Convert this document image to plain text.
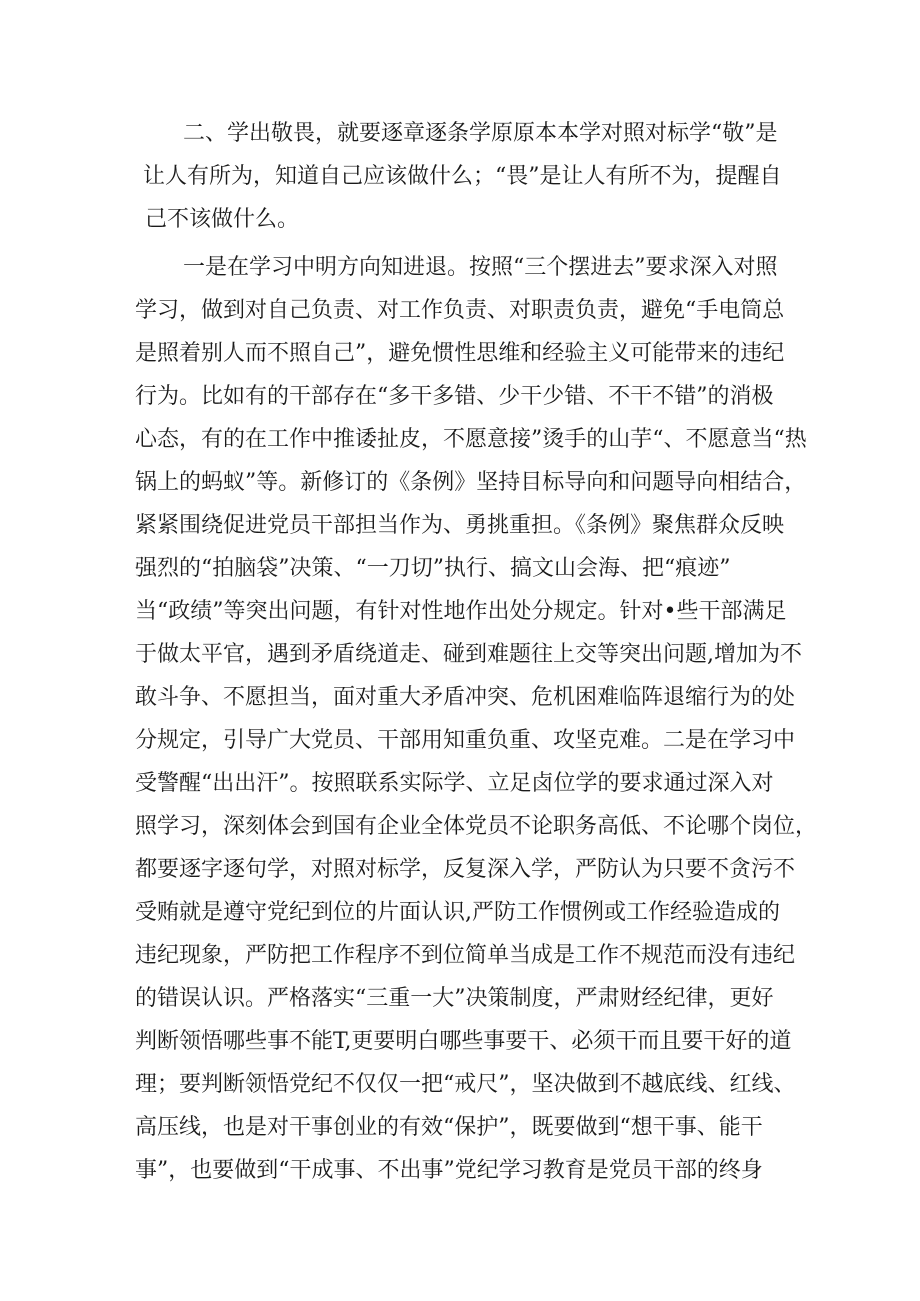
二、学出敬畏，就要逐章逐条学原原本本学对照对标学“敬”是
让人有所为，知道自己应该做什么；“畏”是让人有所不为，提醒自
己不该做什么。
一是在学习中明方向知进退。按照“三个摆进去”要求深入对照
学习，做到对自己负责、对工作负责、对职责负责，避免“手电筒总
是照着别人而不照自己”，避免惯性思维和经验主义可能带来的违纪
行为。比如有的干部存在“多干多错、少干少错、不干不错”的消极
心态，有的在工作中推诿扯皮，不愿意接”烫手的山芋“、不愿意当“热
锅上的蚂蚁”等。新修订的《条例》坚持目标导向和问题导向相结合，
紧紧围绕促进党员干部担当作为、勇挑重担。《条例》聚焦群众反映
强烈的“拍脑袋”决策、“一刀切”执行、搞文山会海、把“痕迹”
当“政绩”等突出问题，有针对性地作出处分规定。针对•些干部满足
于做太平官，遇到矛盾绕道走、碰到难题往上交等突出问题,增加为不
敢斗争、不愿担当，面对重大矛盾冲突、危机困难临阵退缩行为的处
分规定，引导广大党员、干部用知重负重、攻坚克难。二是在学习中
受警醒“出出汗”。按照联系实际学、立足卤位学的要求通过深入对
照学习，深刻体会到国有企业全体党员不论职务高低、不论哪个岗位，
都要逐字逐句学，对照对标学，反复深入学，严防认为只要不贪污不
受贿就是遵守党纪到位的片面认识,严防工作惯例或工作经验造成的
违纪现象，严防把工作程序不到位简单当成是工作不规范而没有违纪
的错误认识。严格落实“三重一大”决策制度，严肃财经纪律，更好
判断领悟哪些事不能T,更要明白哪些事要干、必须干而且要干好的道
理；要判断领悟党纪不仅仅一把“戒尺”，坚决做到不越底线、红线、
高压线，也是对干事创业的有效“保护”，既要做到“想干事、能干
事”，也要做到“干成事、不出事”党纪学习教育是党员干部的终身
